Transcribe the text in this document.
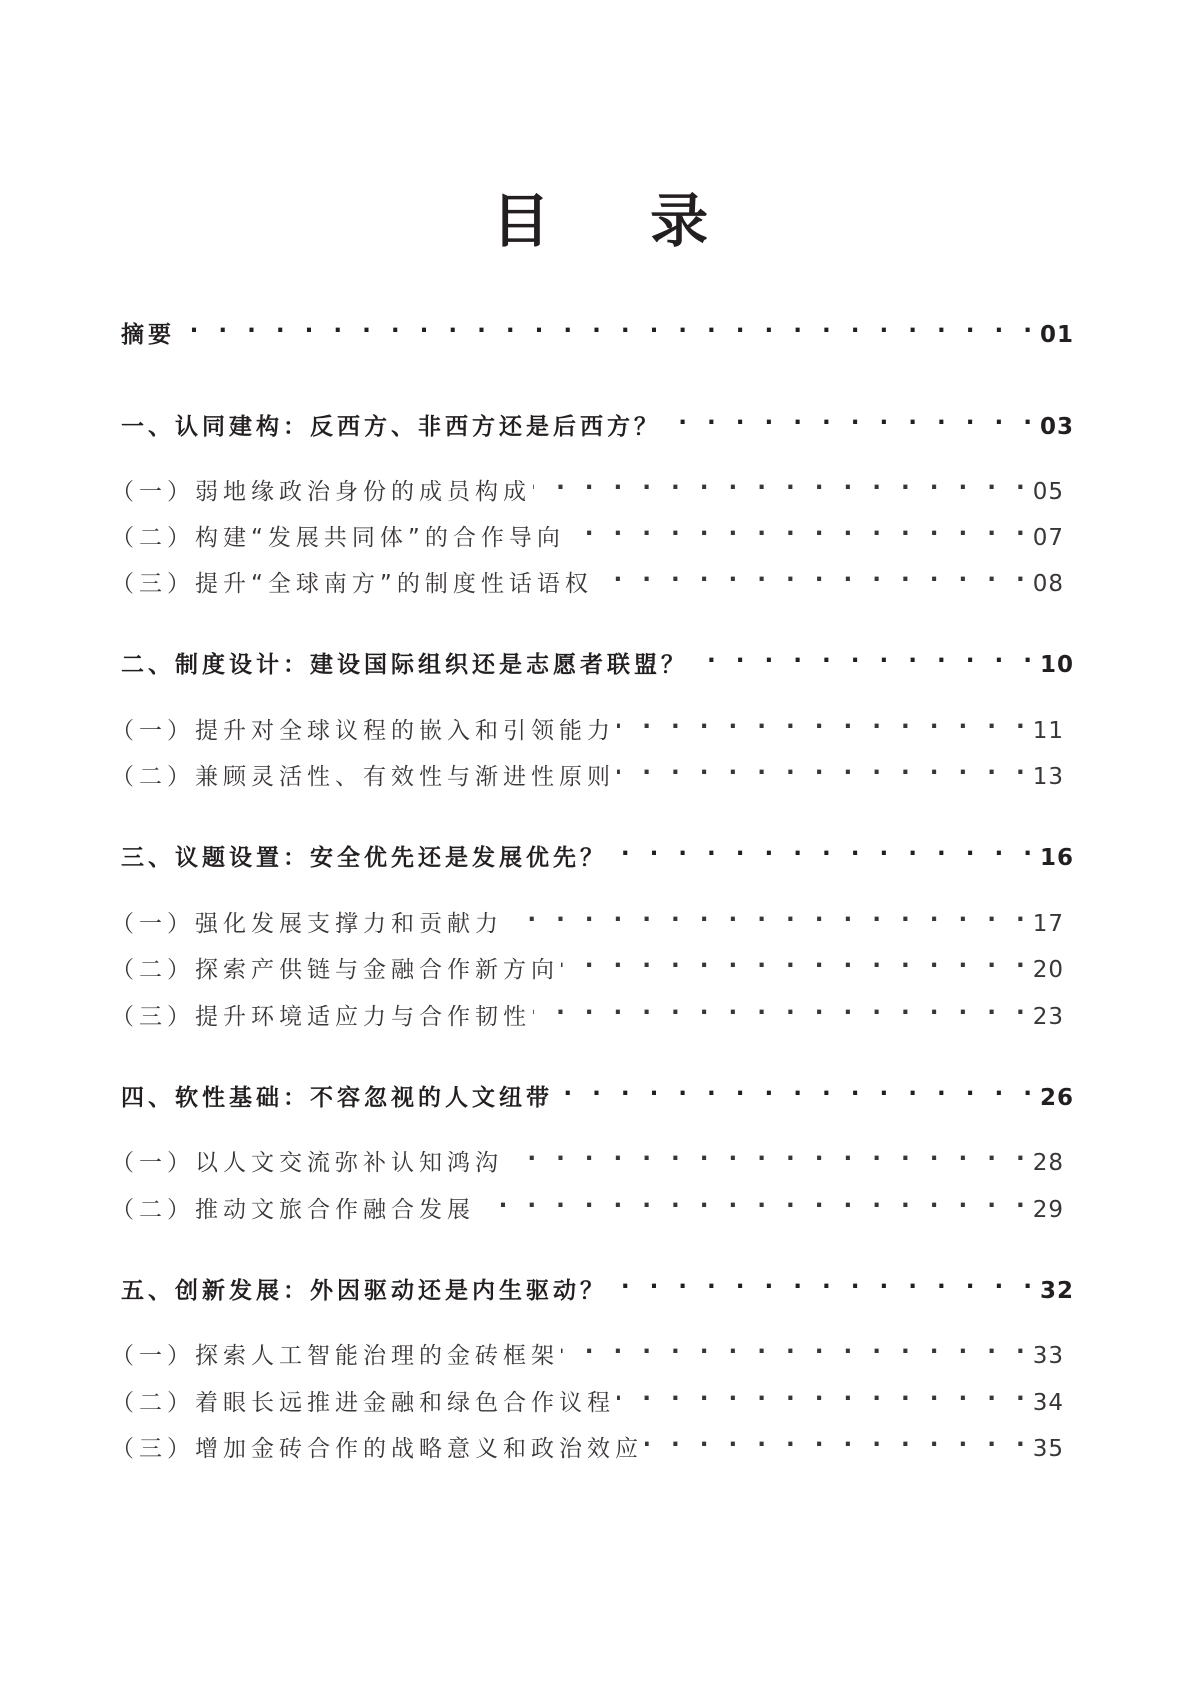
目 录
摘要 · · ·	01
一、认同建构：反西方、非西方还是后西方？ · · ·	03
（一）弱地缘政治身份的成员构成 · · ·	05
（二）构建“发展共同体”的合作导向 · · ·	07
（三）提升“全球南方”的制度性话语权 · · ·	08
二、制度设计：建设国际组织还是志愿者联盟？ · · ·	10
（一）提升对全球议程的嵌入和引领能力 · · ·	11
（二）兼顾灵活性、有效性与渐进性原则 · · ·	13
三、议题设置：安全优先还是发展优先？ · · ·	16
（一）强化发展支撑力和贡献力 · · ·	17
（二）探索产供链与金融合作新方向 · · ·	20
（三）提升环境适应力与合作韧性 · · ·	23
四、软性基础：不容忽视的人文纽带 · · ·	26
（一）以人文交流弥补认知鸿沟 · · ·	28
（二）推动文旅合作融合发展 · · ·	29
五、创新发展：外因驱动还是内生驱动？ · · ·	32
（一）探索人工智能治理的金砖框架 · · ·	33
（二）着眼长远推进金融和绿色合作议程 · · ·	34
（三）增加金砖合作的战略意义和政治效应 · · ·	35
